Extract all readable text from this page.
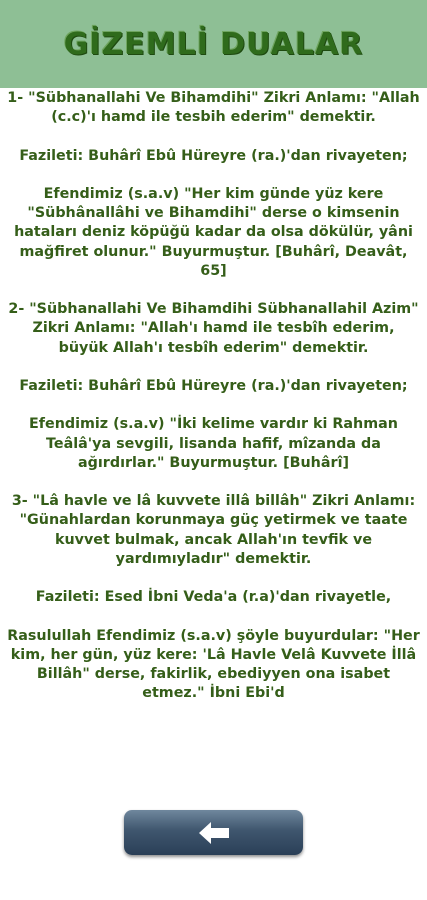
GİZEMLİ DUALAR

1- "Sübhanallahi Ve Bihamdihi" Zikri Anlamı: "Allah (c.c)'ı hamd ile tesbih ederim" demektir.

Fazileti: Buhârî Ebû Hüreyre (ra.)'dan rivayeten;

Efendimiz (s.a.v) "Her kim günde yüz kere "Sübhânallâhi ve Bihamdihi" derse o kimsenin hataları deniz köpüğü kadar da olsa dökülür, yâni mağfiret olunur." Buyurmuştur. [Buhârî, Deavât, 65]

2- "Sübhanallahi Ve Bihamdihi Sübhanallahil Azim" Zikri Anlamı: "Allah'ı hamd ile tesbîh ederim, büyük Allah'ı tesbîh ederim" demektir.

Fazileti: Buhârî Ebû Hüreyre (ra.)'dan rivayeten;

Efendimiz (s.a.v) "İki kelime vardır ki Rahman Teâlâ'ya sevgili, lisanda hafif, mîzanda da ağırdırlar." Buyurmuştur. [Buhârî]

3- "Lâ havle ve lâ kuvvete illâ billâh" Zikri Anlamı: "Günahlardan korunmaya güç yetirmek ve taate kuvvet bulmak, ancak Allah'ın tevfik ve yardımıyladır" demektir.

Fazileti: Esed İbni Veda'a (r.a)'dan rivayetle,

Rasulullah Efendimiz (s.a.v) şöyle buyurdular: "Her kim, her gün, yüz kere: 'Lâ Havle Velâ Kuvvete İllâ Billâh" derse, fakirlik, ebediyyen ona isabet etmez." İbni Ebi'd
